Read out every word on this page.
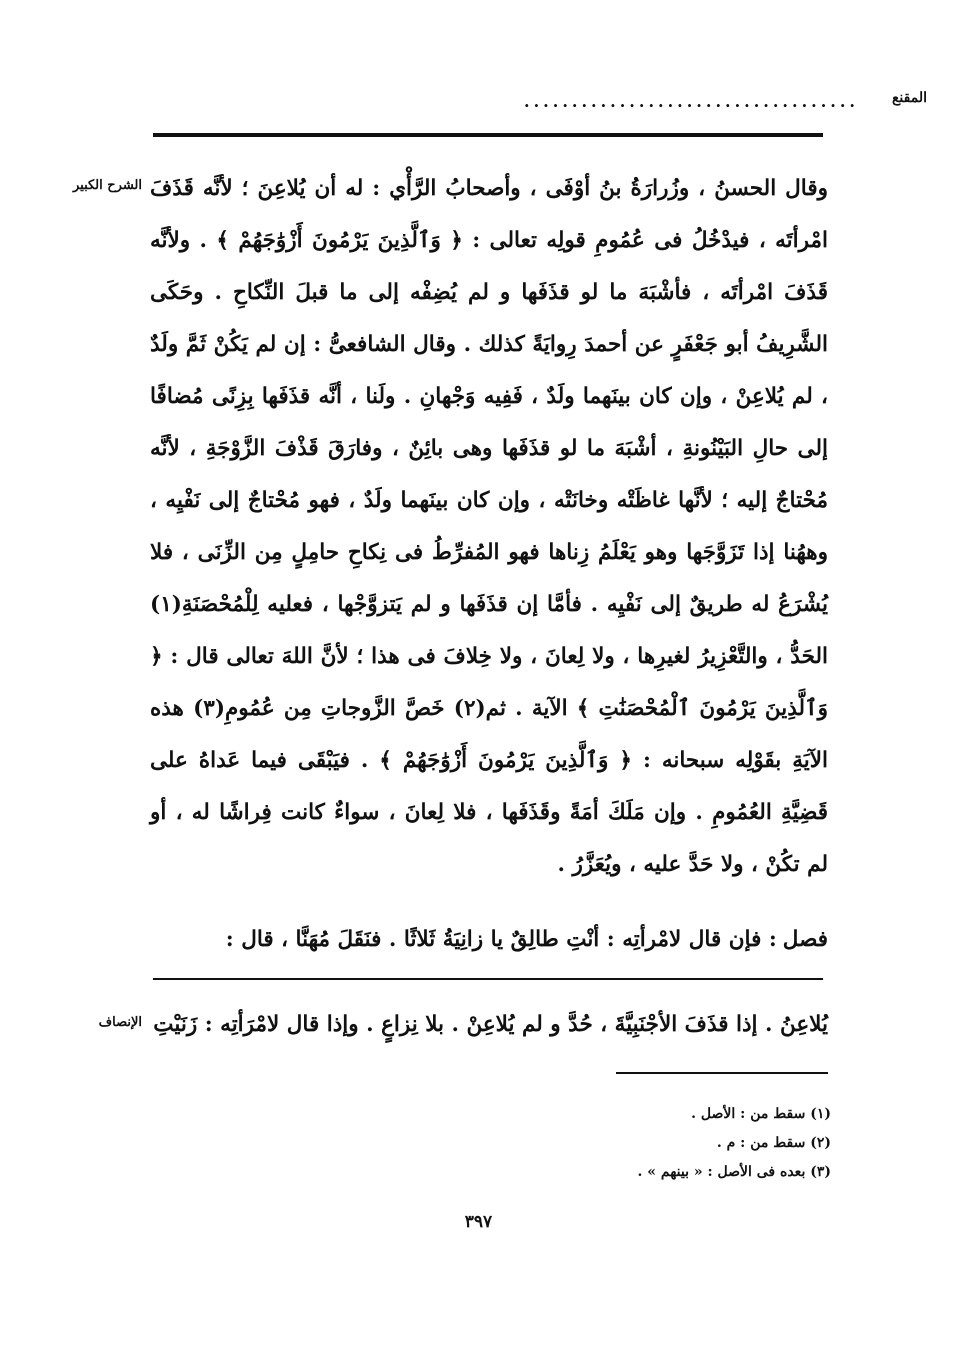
المقنع
...................................
الشرح الكبير وقال الحسنُ ، وزُرارَةُ بنُ أوْفَى ، وأصحابُ الرَّأْي : له أن يُلاعِنَ ؛ لأنَّه قَذَفَ امْرأتَه ، فيدْخُلُ فى عُمُومِ قولِه تعالى : ﴿ وَٱلَّذِينَ يَرْمُونَ أَزْوَٰجَهُمْ ﴾ . ولأنَّه قَذَفَ امْرأتَه ، فأشْبَهَ ما لو قذَفَها و لم يُضِفْه إلى ما قبلَ النِّكاحِ . وحَكَى الشَّرِيفُ أبو جَعْفَرٍ عن أحمدَ رِوايَةً كذلك . وقال الشافعىُّ : إن لم يَكُنْ ثَمَّ ولَدٌ ، لم يُلاعِنْ ، وإن كان بينَهما ولَدٌ ، فَفِيه وَجْهانِ . ولَنا ، أنَّه قذَفَها بِزِنًى مُضافًا إلى حالِ البَيْنُونةِ ، أشْبَهَ ما لو قذَفَها وهى بائِنٌ ، وفارَقَ قَذْفَ الزَّوْجَةِ ، لأنَّه مُحْتاجٌ إليه ؛ لأنَّها غاظَتْه وخانَتْه ، وإن كان بينَهما ولَدٌ ، فهو مُحْتاجٌ إلى نَفْيِه ، وههُنا إذا تَزَوَّجَها وهو يَعْلَمُ زِناها فهو المُفرِّطُ فى نِكاحِ حامِلٍ مِن الزِّنَى ، فلا يُشْرَعُ له طريقٌ إلى نَفْيِه . فأمَّا إن قذَفَها و لم يَتزوَّجْها ، فعليه لِلْمُحْصَنَةِ(١) الحَدُّ ، والتَّعْزِيرُ لغيرِها ، ولا لِعانَ ، ولا خِلافَ فى هذا ؛ لأنَّ اللهَ تعالى قال : ﴿ وَٱلَّذِينَ يَرْمُونَ ٱلْمُحْصَنَٰتِ ﴾ الآية . ثم(٢) خَصَّ الزَّوجاتِ مِن عُمُومِ(٣) هذه الآيَةِ بقَوْلِه سبحانه : ﴿ وَٱلَّذِينَ يَرْمُونَ أَزْوَٰجَهُمْ ﴾ . فيَبْقَى فيما عَداهُ على قَضِيَّةِ العُمُومِ . وإن مَلَكَ أمَةً وقَذَفَها ، فلا لِعانَ ، سواءٌ كانت فِراشًا له ، أو لم تكُنْ ، ولا حَدَّ عليه ، ويُعَزَّرُ .

فصل: فإن قال لامْرأتِه : أنْتِ طالِقٌ يا زانِيَةُ ثَلاثًا . فنَقَلَ مُهَنَّا ، قال :
الإنصاف يُلاعِنُ . إذا قذَفَ الأجْنَبِيَّةَ ، حُدَّ و لم يُلاعِنْ . بلا نِزاعٍ . وإذا قال لامْرَأتِه : زَنَيْتِ
(١) سقط من : الأصل .
(٢) سقط من : م .
(٣) بعده فى الأصل : « بينهم » .
٣٩٧
